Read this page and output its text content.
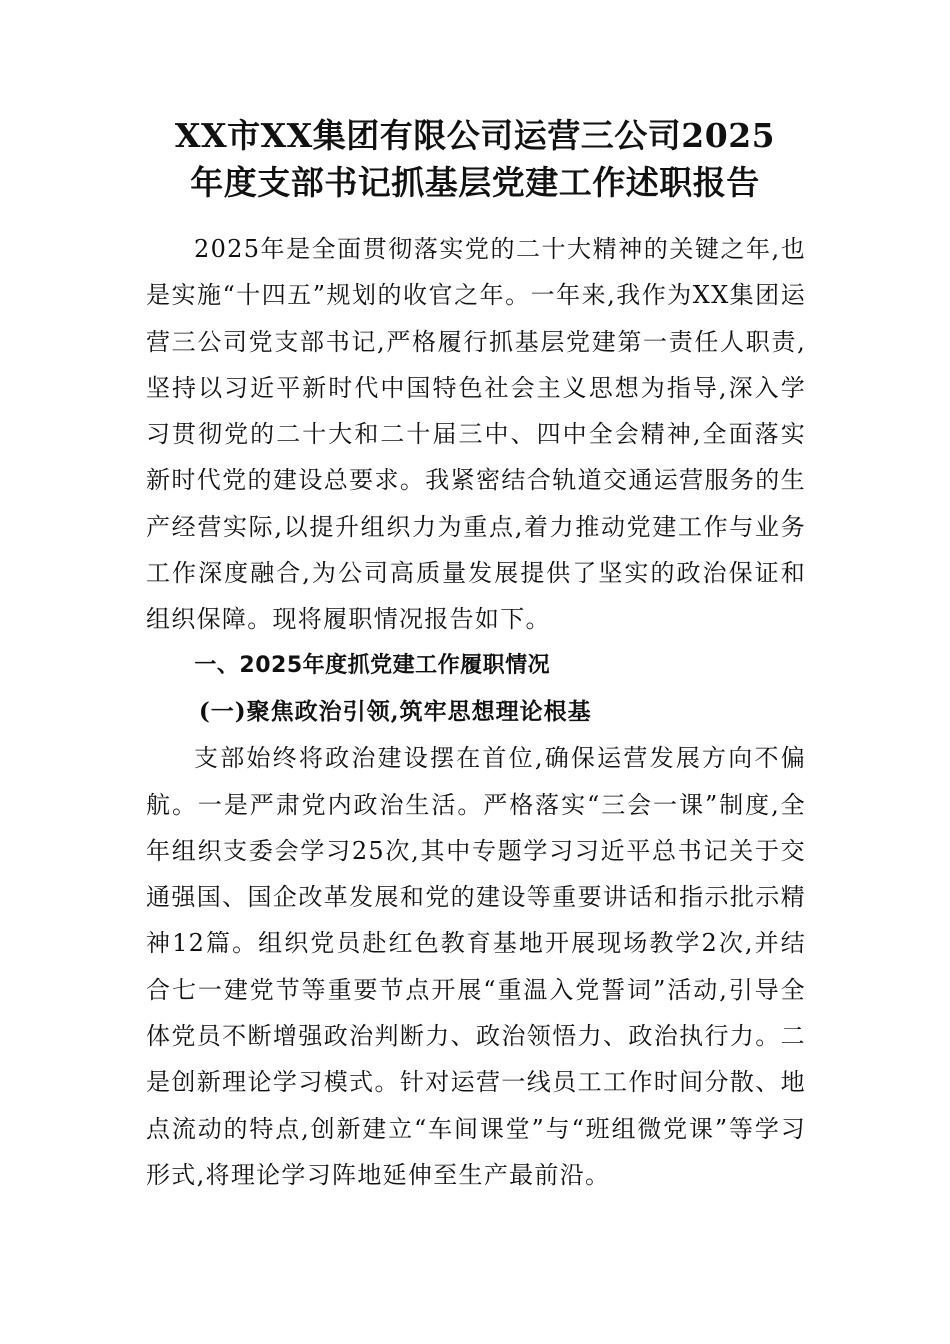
XX市XX集团有限公司运营三公司2025
年度支部书记抓基层党建工作述职报告

2025年是全面贯彻落实党的二十大精神的关键之年,也是实施“十四五”规划的收官之年。一年来,我作为XX集团运营三公司党支部书记,严格履行抓基层党建第一责任人职责,坚持以习近平新时代中国特色社会主义思想为指导,深入学习贯彻党的二十大和二十届三中、四中全会精神,全面落实新时代党的建设总要求。我紧密结合轨道交通运营服务的生产经营实际,以提升组织力为重点,着力推动党建工作与业务工作深度融合,为公司高质量发展提供了坚实的政治保证和组织保障。现将履职情况报告如下。

一、2025年度抓党建工作履职情况

(一)聚焦政治引领,筑牢思想理论根基

支部始终将政治建设摆在首位,确保运营发展方向不偏航。一是严肃党内政治生活。严格落实“三会一课”制度,全年组织支委会学习25次,其中专题学习习近平总书记关于交通强国、国企改革发展和党的建设等重要讲话和指示批示精神12篇。组织党员赴红色教育基地开展现场教学2次,并结合七一建党节等重要节点开展“重温入党誓词”活动,引导全体党员不断增强政治判断力、政治领悟力、政治执行力。二是创新理论学习模式。针对运营一线员工工作时间分散、地点流动的特点,创新建立“车间课堂”与“班组微党课”等学习形式,将理论学习阵地延伸至生产最前沿。
